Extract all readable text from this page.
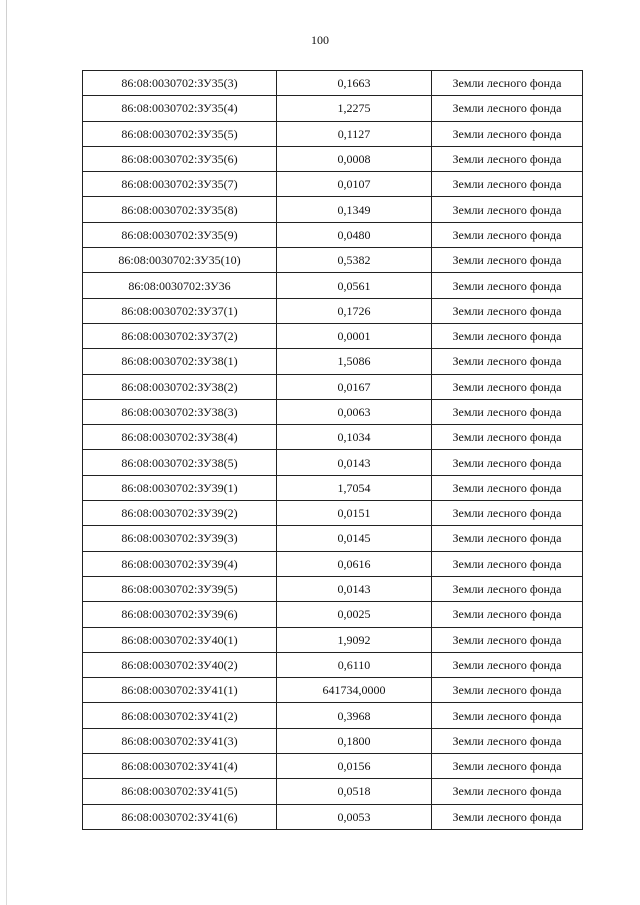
100
86:08:0030702:ЗУ35(3)	0,1663	Земли лесного фонда
86:08:0030702:ЗУ35(4)	1,2275	Земли лесного фонда
86:08:0030702:ЗУ35(5)	0,1127	Земли лесного фонда
86:08:0030702:ЗУ35(6)	0,0008	Земли лесного фонда
86:08:0030702:ЗУ35(7)	0,0107	Земли лесного фонда
86:08:0030702:ЗУ35(8)	0,1349	Земли лесного фонда
86:08:0030702:ЗУ35(9)	0,0480	Земли лесного фонда
86:08:0030702:ЗУ35(10)	0,5382	Земли лесного фонда
86:08:0030702:ЗУ36	0,0561	Земли лесного фонда
86:08:0030702:ЗУ37(1)	0,1726	Земли лесного фонда
86:08:0030702:ЗУ37(2)	0,0001	Земли лесного фонда
86:08:0030702:ЗУ38(1)	1,5086	Земли лесного фонда
86:08:0030702:ЗУ38(2)	0,0167	Земли лесного фонда
86:08:0030702:ЗУ38(3)	0,0063	Земли лесного фонда
86:08:0030702:ЗУ38(4)	0,1034	Земли лесного фонда
86:08:0030702:ЗУ38(5)	0,0143	Земли лесного фонда
86:08:0030702:ЗУ39(1)	1,7054	Земли лесного фонда
86:08:0030702:ЗУ39(2)	0,0151	Земли лесного фонда
86:08:0030702:ЗУ39(3)	0,0145	Земли лесного фонда
86:08:0030702:ЗУ39(4)	0,0616	Земли лесного фонда
86:08:0030702:ЗУ39(5)	0,0143	Земли лесного фонда
86:08:0030702:ЗУ39(6)	0,0025	Земли лесного фонда
86:08:0030702:ЗУ40(1)	1,9092	Земли лесного фонда
86:08:0030702:ЗУ40(2)	0,6110	Земли лесного фонда
86:08:0030702:ЗУ41(1)	641734,0000	Земли лесного фонда
86:08:0030702:ЗУ41(2)	0,3968	Земли лесного фонда
86:08:0030702:ЗУ41(3)	0,1800	Земли лесного фонда
86:08:0030702:ЗУ41(4)	0,0156	Земли лесного фонда
86:08:0030702:ЗУ41(5)	0,0518	Земли лесного фонда
86:08:0030702:ЗУ41(6)	0,0053	Земли лесного фонда
